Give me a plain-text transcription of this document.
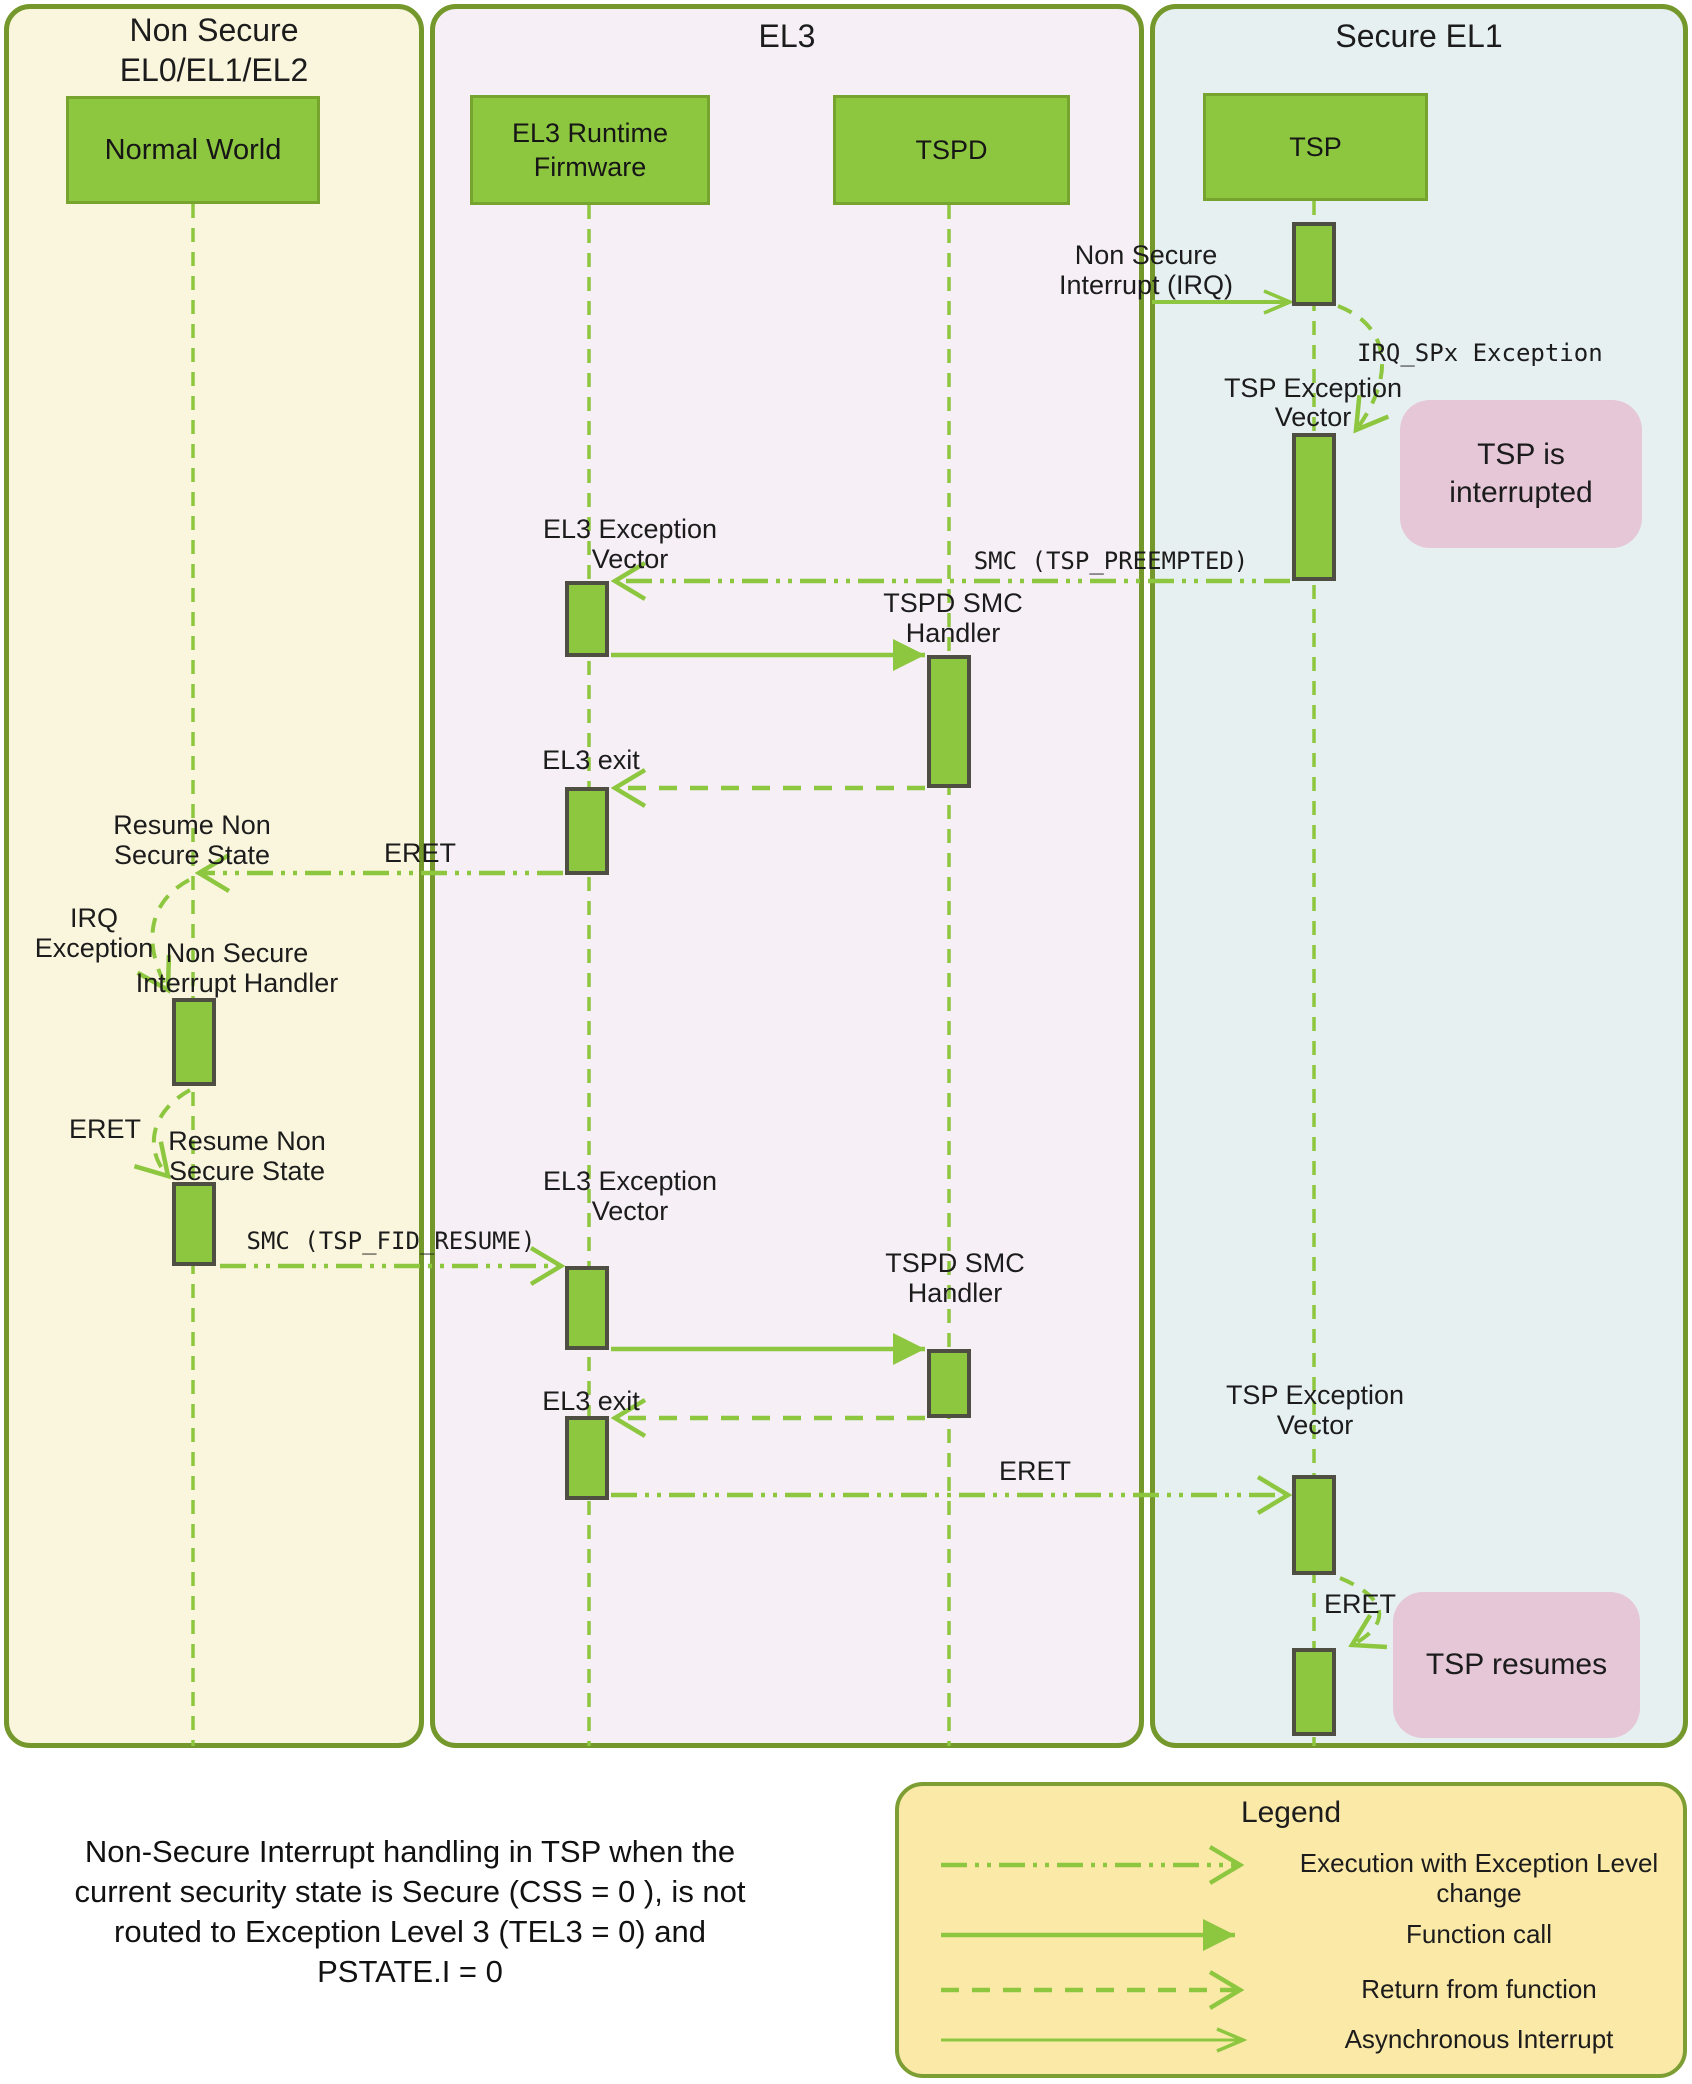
Non Secure
EL0/EL1/EL2
EL3	Secure EL1
Normal World
EL3 Runtime Firmware
TSPD	TSP
Non Secure
Interrupt (IRQ)
IRQ_SPx Exception
TSP Exception
Vector
SMC (TSP_PREEMPTED)
EL3 Exception
Vector
TSPD SMC
Handler
EL3 exit
Resume Non
Secure State	ERET
IRQ Exception Non Secure
Interrupt Handler
ERET	Resume Non
Secure State
SMC (TSP_FID_RESUME)
EL3 Exception
Vector
TSPD SMC
Handler
EL3 exit
ERET
TSP Exception
Vector
ERET
TSP is interrupted
TSP resumes
Non-Secure Interrupt handling in TSP when the
current security state is Secure (CSS = 0 ), is not
routed to Exception Level 3 (TEL3 = 0) and
PSTATE.I = 0
Legend
Execution with Exception Level change
Function call
Return from function
Asynchronous Interrupt
